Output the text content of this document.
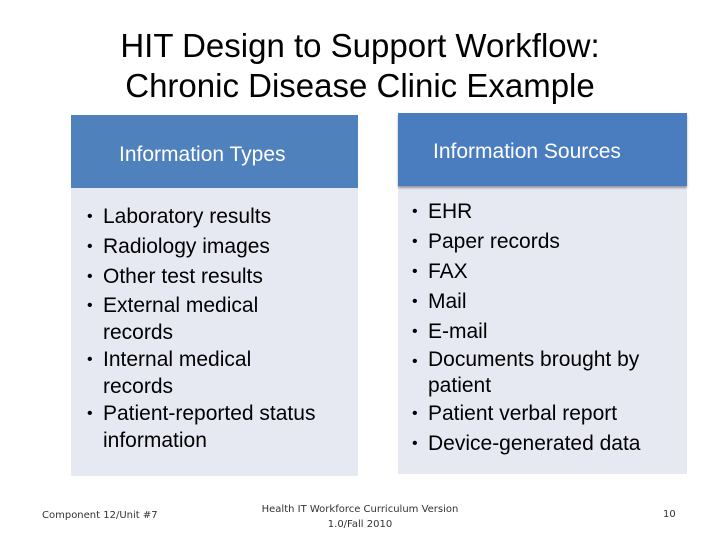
HIT Design to Support Workflow:
Chronic Disease Clinic Example
Information Types
• Laboratory results
• Radiology images
• Other test results
• External medical records
• Internal medical records
• Patient-reported status information
Information Sources
• EHR
• Paper records
• FAX
• Mail
• E-mail
• Documents brought by patient
• Patient verbal report
• Device-generated data
Component 12/Unit #7
Health IT Workforce Curriculum Version
1.0/Fall 2010
10
